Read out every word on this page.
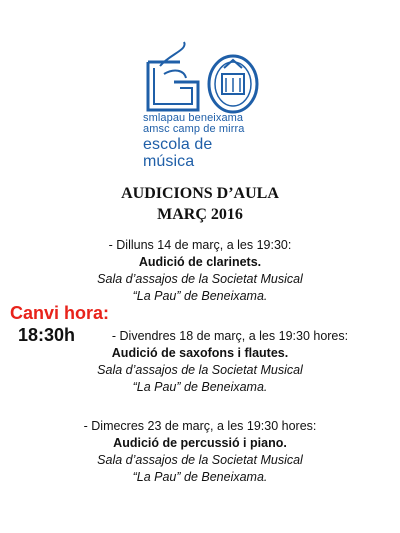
smlapau beneixama
amsc camp de mirra
escola de música
AUDICIONS D’AULA
MARÇ 2016
Canvi hora:
18:30h
- Dilluns 14 de març, a les 19:30:
Audició de clarinets.
Sala d’assajos de la Societat Musical
“La Pau” de Beneixama.
- Divendres 18 de març, a les 19:30 hores:
Audició de saxofons i flautes.
Sala d’assajos de la Societat Musical
“La Pau” de Beneixama.
- Dimecres 23 de març, a les 19:30 hores:
Audició de percussió i piano.
Sala d’assajos de la Societat Musical
“La Pau” de Beneixama.
